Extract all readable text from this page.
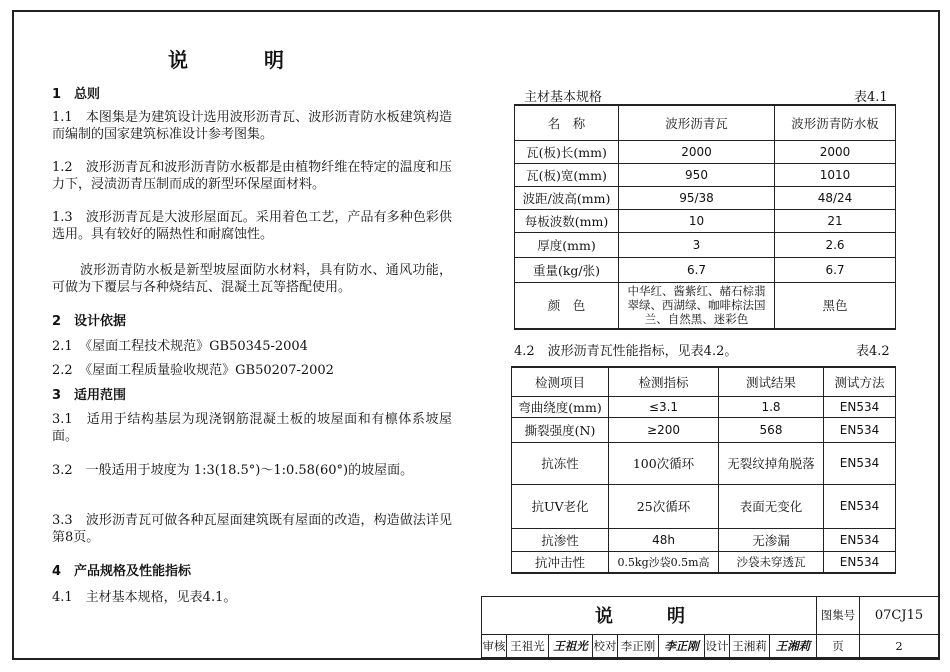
说　明
1　总则
1.1　本图集是为建筑设计选用波形沥青瓦、波形沥青防水板建筑构造而编制的国家建筑标准设计参考图集。
1.2　波形沥青瓦和波形沥青防水板都是由植物纤维在特定的温度和压力下，浸渍沥青压制而成的新型环保屋面材料。
1.3　波形沥青瓦是大波形屋面瓦。采用着色工艺，产品有多种色彩供选用。具有较好的隔热性和耐腐蚀性。
波形沥青防水板是新型坡屋面防水材料，具有防水、通风功能，可做为下覆层与各种烧结瓦、混凝土瓦等搭配使用。
2　设计依据
2.1　《屋面工程技术规范》GB50345-2004
2.2　《屋面工程质量验收规范》GB50207-2002
3　适用范围
3.1　适用于结构基层为现浇钢筋混凝土板的坡屋面和有檩体系坡屋面。
3.2　一般适用于坡度为 1:3(18.5°)～1:0.58(60°)的坡屋面。
3.3　波形沥青瓦可做各种瓦屋面建筑既有屋面的改造，构造做法详见第8页。
4　产品规格及性能指标
4.1　主材基本规格，见表4.1。
主材基本规格	表4.1
名　称	波形沥青瓦	波形沥青防水板
瓦(板)长(mm)	2000	2000
瓦(板)宽(mm)	950	1010
波距/波高(mm)	95/38	48/24
每板波数(mm)	10	21
厚度(mm)	3	2.6
重量(kg/张)	6.7	6.7
颜　色	中华红、酱紫红、赭石棕翡翠绿、西湖绿、咖啡棕法国兰、自然黑、迷彩色	黑色
4.2　波形沥青瓦性能指标，见表4.2。	表4.2
检测项目	检测指标	测试结果	测试方法
弯曲绕度(mm)	≤3.1	1.8	EN534
撕裂强度(N)	≥200	568	EN534
抗冻性	100次循环	无裂纹掉角脱落	EN534
抗UV老化	25次循环	表面无变化	EN534
抗渗性	48h	无渗漏	EN534
抗冲击性	0.5kg沙袋0.5m高	沙袋未穿透瓦	EN534
说　明									图集号	07CJ15
审核	王祖光	王祖光	校对	李正刚	李正刚	设计	王湘莉	王湘莉	页	2
